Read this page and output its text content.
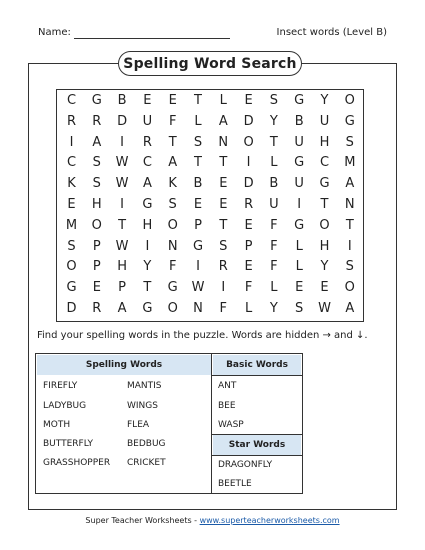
Name:	Insect words (Level B)
Spelling Word Search
C	G	B	E	E	T	L	E	S	G	Y	O
R	R	D	U	F	L	A	D	Y	B	U	G
I	A	I	R	T	S	N	O	T	U	H	S
C	S	W	C	A	T	T	I	L	G	C	M
K	S	W	A	K	B	E	D	B	U	G	A
E	H	I	G	S	E	E	R	U	I	T	N
M	O	T	H	O	P	T	E	F	G	O	T
S	P	W	I	N	G	S	P	F	L	H	I
O	P	H	Y	F	I	R	E	F	L	Y	S
G	E	P	T	G	W	I	F	L	E	E	O
D	R	A	G	O	N	F	L	Y	S	W	A
Find your spelling words in the puzzle. Words are hidden → and ↓.
Spelling Words	Basic Words
Star Words
FIREFLY
LADYBUG
MOTH
BUTTERFLY
GRASSHOPPER
MANTIS
WINGS
FLEA
BEDBUG
CRICKET
ANT
BEE
WASP
DRAGONFLY
BEETLE
Super Teacher Worksheets - www.superteacherworksheets.com
